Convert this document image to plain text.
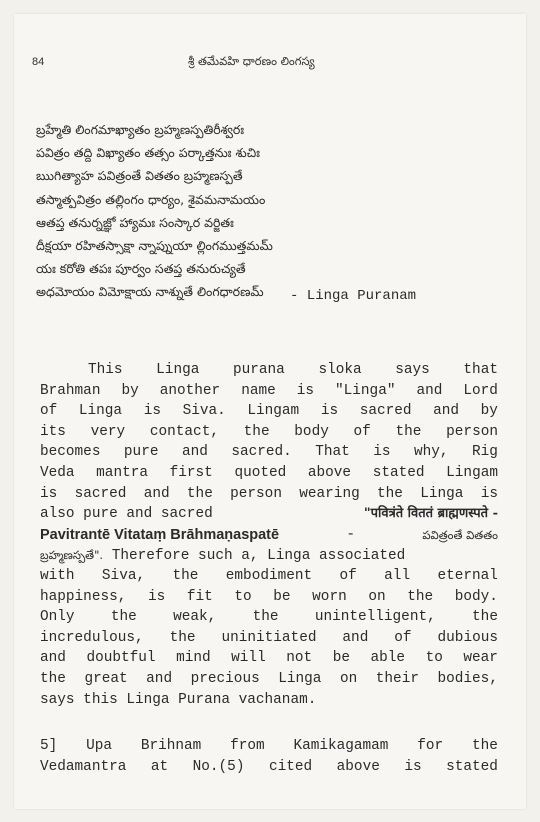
84	శ్రీ తమేవహి ధారణం లింగస్య
బ్రహ్మేతి లింగమాఖ్యాతం బ్రహ్మణస్పతిరీశ్వరః
పవిత్రం తద్ది విఖ్యాతం తత్సం పర్కాత్తనుః శుచిః
ఋగిత్యాహ పవిత్రంతే వితతం బ్రహ్మణస్పతే
తస్మాత్పవిత్రం తల్లింగం ధార్యం, శైవమనామయం
ఆతప్త తనుర్నజ్ఞో హ్యామః సంస్కార వర్జితః
దీక్షయా రహితస్సాక్షా న్నాప్నుయా ల్లింగముత్తమమ్
యః కరోతి తపః పూర్వం సతప్త తనురుచ్యతే
అధమోయం విమోక్షాయ నాశ్నుతే లింగధారణమ్	- Linga Puranam
This Linga purana sloka says that
Brahman by another name is "Linga" and Lord
of Linga is Siva. Lingam is sacred and by
its very contact, the body of the person
becomes pure and sacred. That is why, Rig
Veda mantra first quoted above stated Lingam
is sacred and the person wearing the Linga is
also pure and sacred	"पवित्रंते विततं ब्राह्मणस्पते -
Pavitrantē Vitataṃ Brāhmaṇaspatē	-	పవిత్రంతే వితతం
బ్రహ్మణస్పతే". Therefore such a, Linga associated
with Siva, the embodiment of all eternal
happiness, is fit to be worn on the body.
Only	the	weak,	the	unintelligent,	the
incredulous, the uninitiated and of dubious
and doubtful mind will not be able to wear
the great and precious Linga on their bodies,
says this Linga Purana vachanam.
5] Upa Brihnam from Kamikagamam for the
Vedamantra at No.(5) cited above is stated
